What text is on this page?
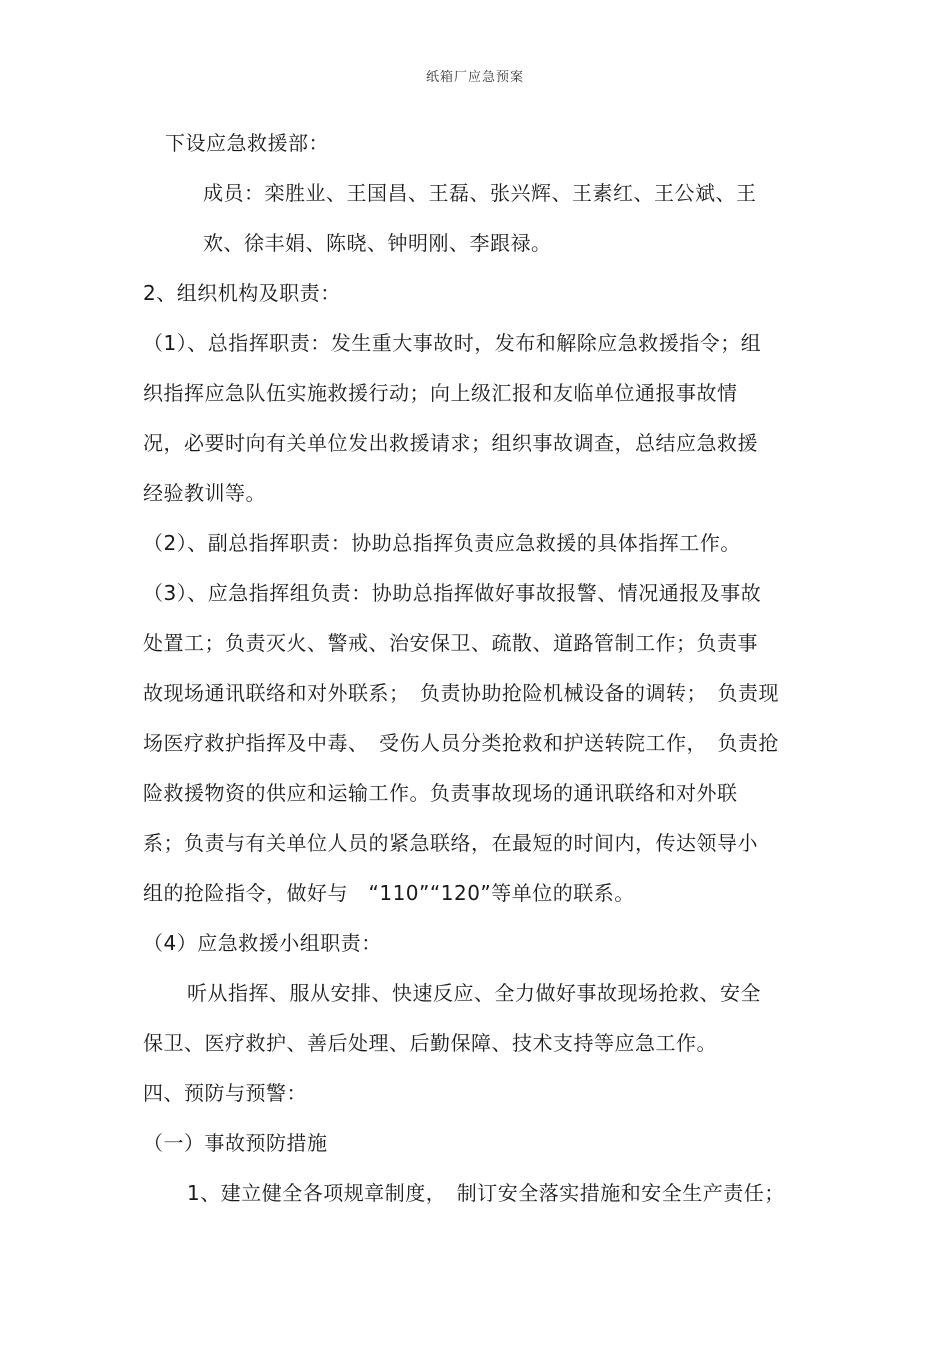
纸箱厂应急预案
下设应急救援部：
成员：栾胜业、王国昌、王磊、张兴辉、王素红、王公斌、王
欢、徐丰娟、陈晓、钟明刚、李跟禄。
2、组织机构及职责：
（1）、总指挥职责：发生重大事故时，发布和解除应急救援指令；组
织指挥应急队伍实施救援行动；向上级汇报和友临单位通报事故情
况，必要时向有关单位发出救援请求；组织事故调查，总结应急救援
经验教训等。
（2）、副总指挥职责：协助总指挥负责应急救援的具体指挥工作。
（3）、应急指挥组负责：协助总指挥做好事故报警、情况通报及事故
处置工；负责灭火、警戒、治安保卫、疏散、道路管制工作；负责事
故现场通讯联络和对外联系；　负责协助抢险机械设备的调转；　负责现
场医疗救护指挥及中毒、　受伤人员分类抢救和护送转院工作，　负责抢
险救援物资的供应和运输工作。负责事故现场的通讯联络和对外联
系；负责与有关单位人员的紧急联络，在最短的时间内，传达领导小
组的抢险指令，做好与　“110”“120”等单位的联系。
（4）应急救援小组职责：
听从指挥、服从安排、快速反应、全力做好事故现场抢救、安全
保卫、医疗救护、善后处理、后勤保障、技术支持等应急工作。
四、预防与预警：
（一）事故预防措施
1、建立健全各项规章制度，　制订安全落实措施和安全生产责任；
